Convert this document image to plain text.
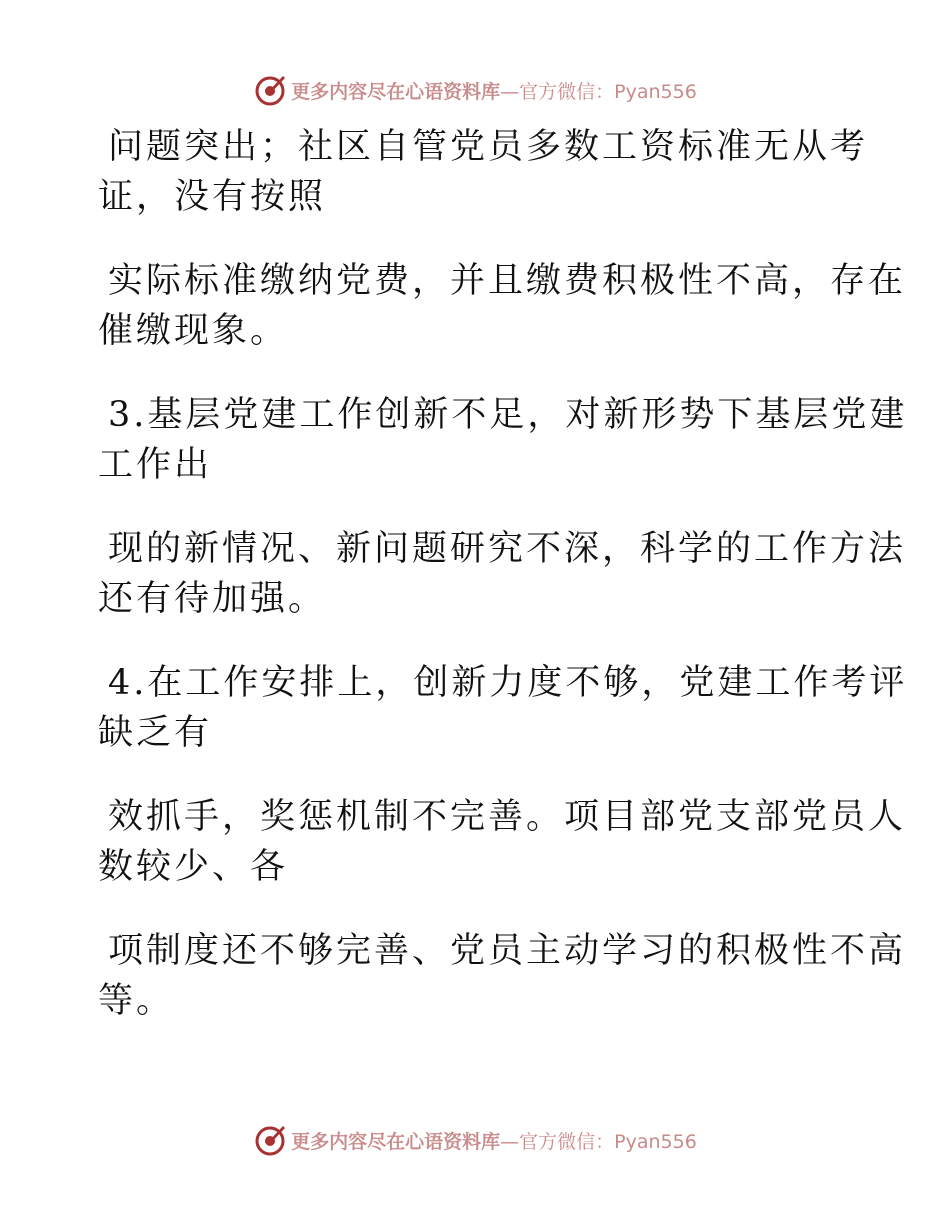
更多内容尽在心语资料库 —官方微信：Pyan556
问题突出；社区自管党员多数工资标准无从考
证，没有按照
实际标准缴纳党费，并且缴费积极性不高，存在
催缴现象。
3.基层党建工作创新不足，对新形势下基层党建
工作出
现的新情况、新问题研究不深，科学的工作方法
还有待加强。
4.在工作安排上，创新力度不够，党建工作考评
缺乏有
效抓手，奖惩机制不完善。项目部党支部党员人
数较少、各
项制度还不够完善、党员主动学习的积极性不高
等。
更多内容尽在心语资料库 —官方微信：Pyan556
